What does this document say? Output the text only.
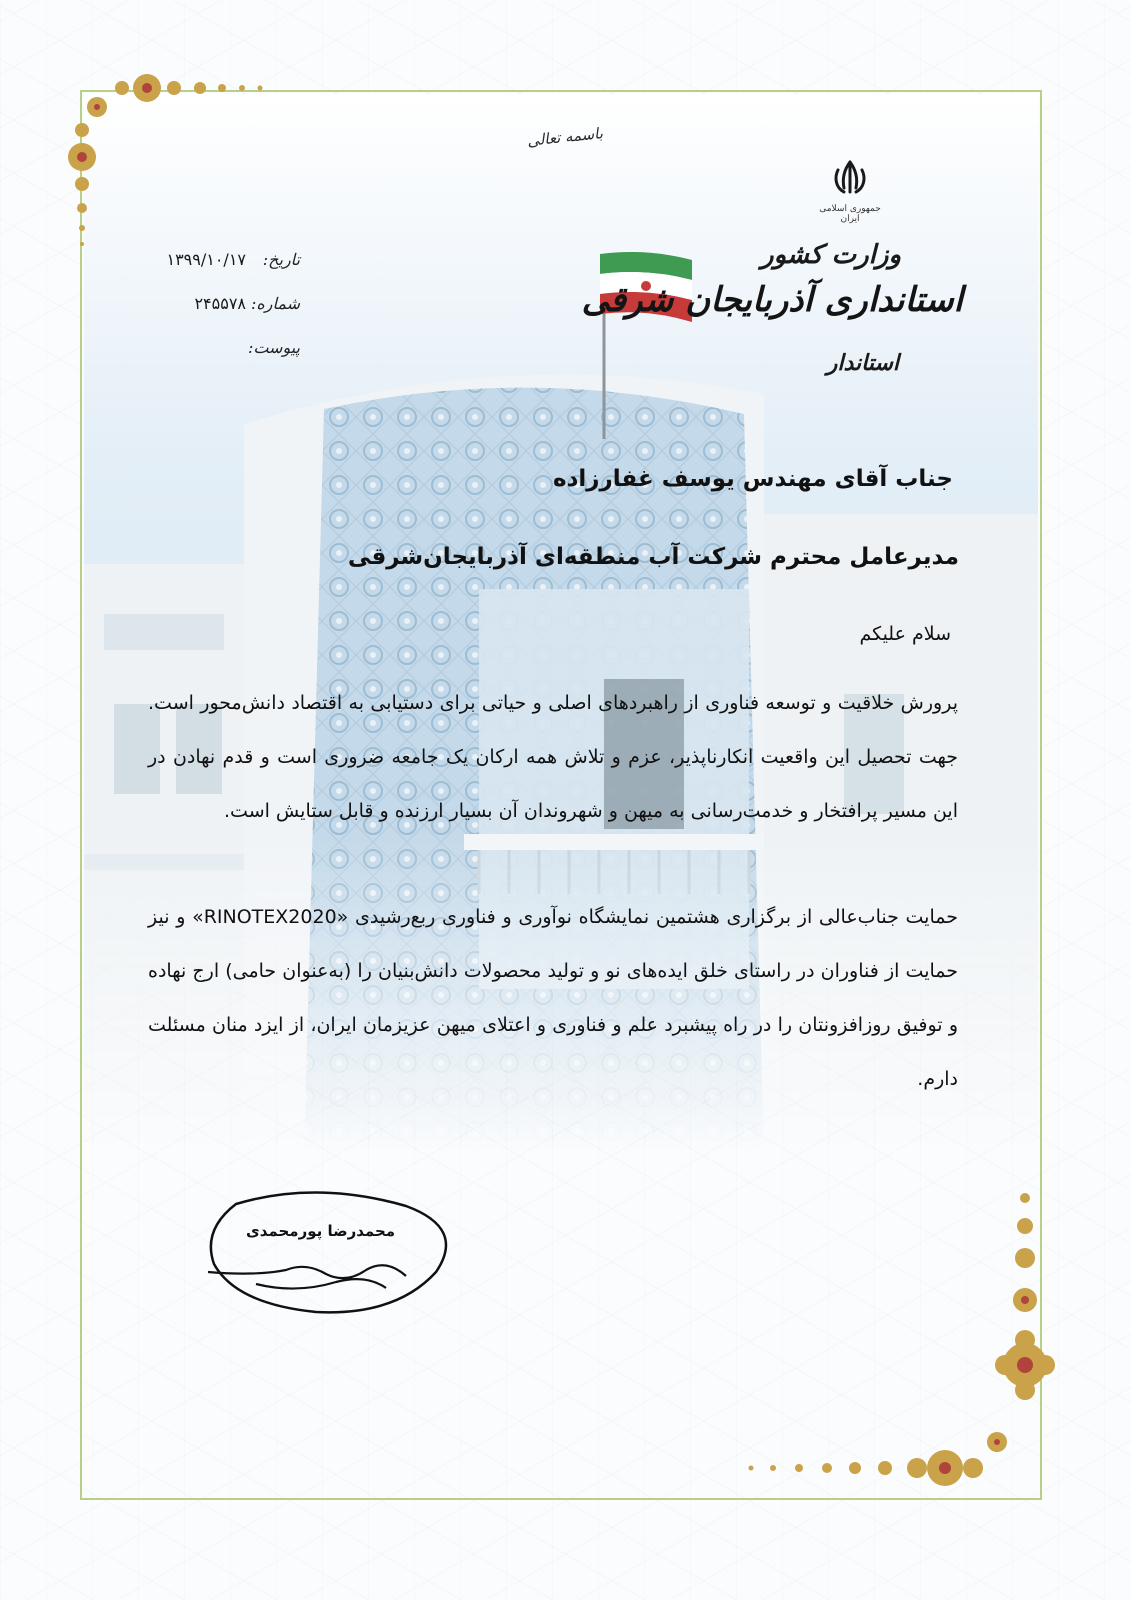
باسمه تعالی
جمهوری اسلامی ایران
وزارت کشور
استانداری آذربایجان شرقی
استاندار
تاریخ:
۱۳۹۹/۱۰/۱۷
شماره:
۲۴۵۵۷۸
پیوست:
جناب آقای مهندس یوسف غفارزاده
مدیرعامل محترم شرکت آب منطقه‌ای آذربایجان‌شرقی
سلام علیکم
پرورش خلاقیت و توسعه فناوری از راهبردهای اصلی و حیاتی برای دستیابی به اقتصاد دانش‌محور است. جهت تحصیل این واقعیت انکارناپذیر، عزم و تلاش همه ارکان یک جامعه ضروری است و قدم نهادن در این مسیر پرافتخار و خدمت‌رسانی به میهن و شهروندان آن بسیار ارزنده و قابل ستایش است.
حمایت جناب‌عالی از برگزاری هشتمین نمایشگاه نوآوری و فناوری ربع‌رشیدی «RINOTEX2020» و نیز حمایت از فناوران در راستای خلق ایده‌های نو و تولید محصولات دانش‌بنیان را (به‌عنوان حامی) ارج نهاده و توفیق روزافزونتان را در راه پیشبرد علم و فناوری و اعتلای میهن عزیزمان ایران، از ایزد منان مسئلت دارم.
محمدرضا پورمحمدی
